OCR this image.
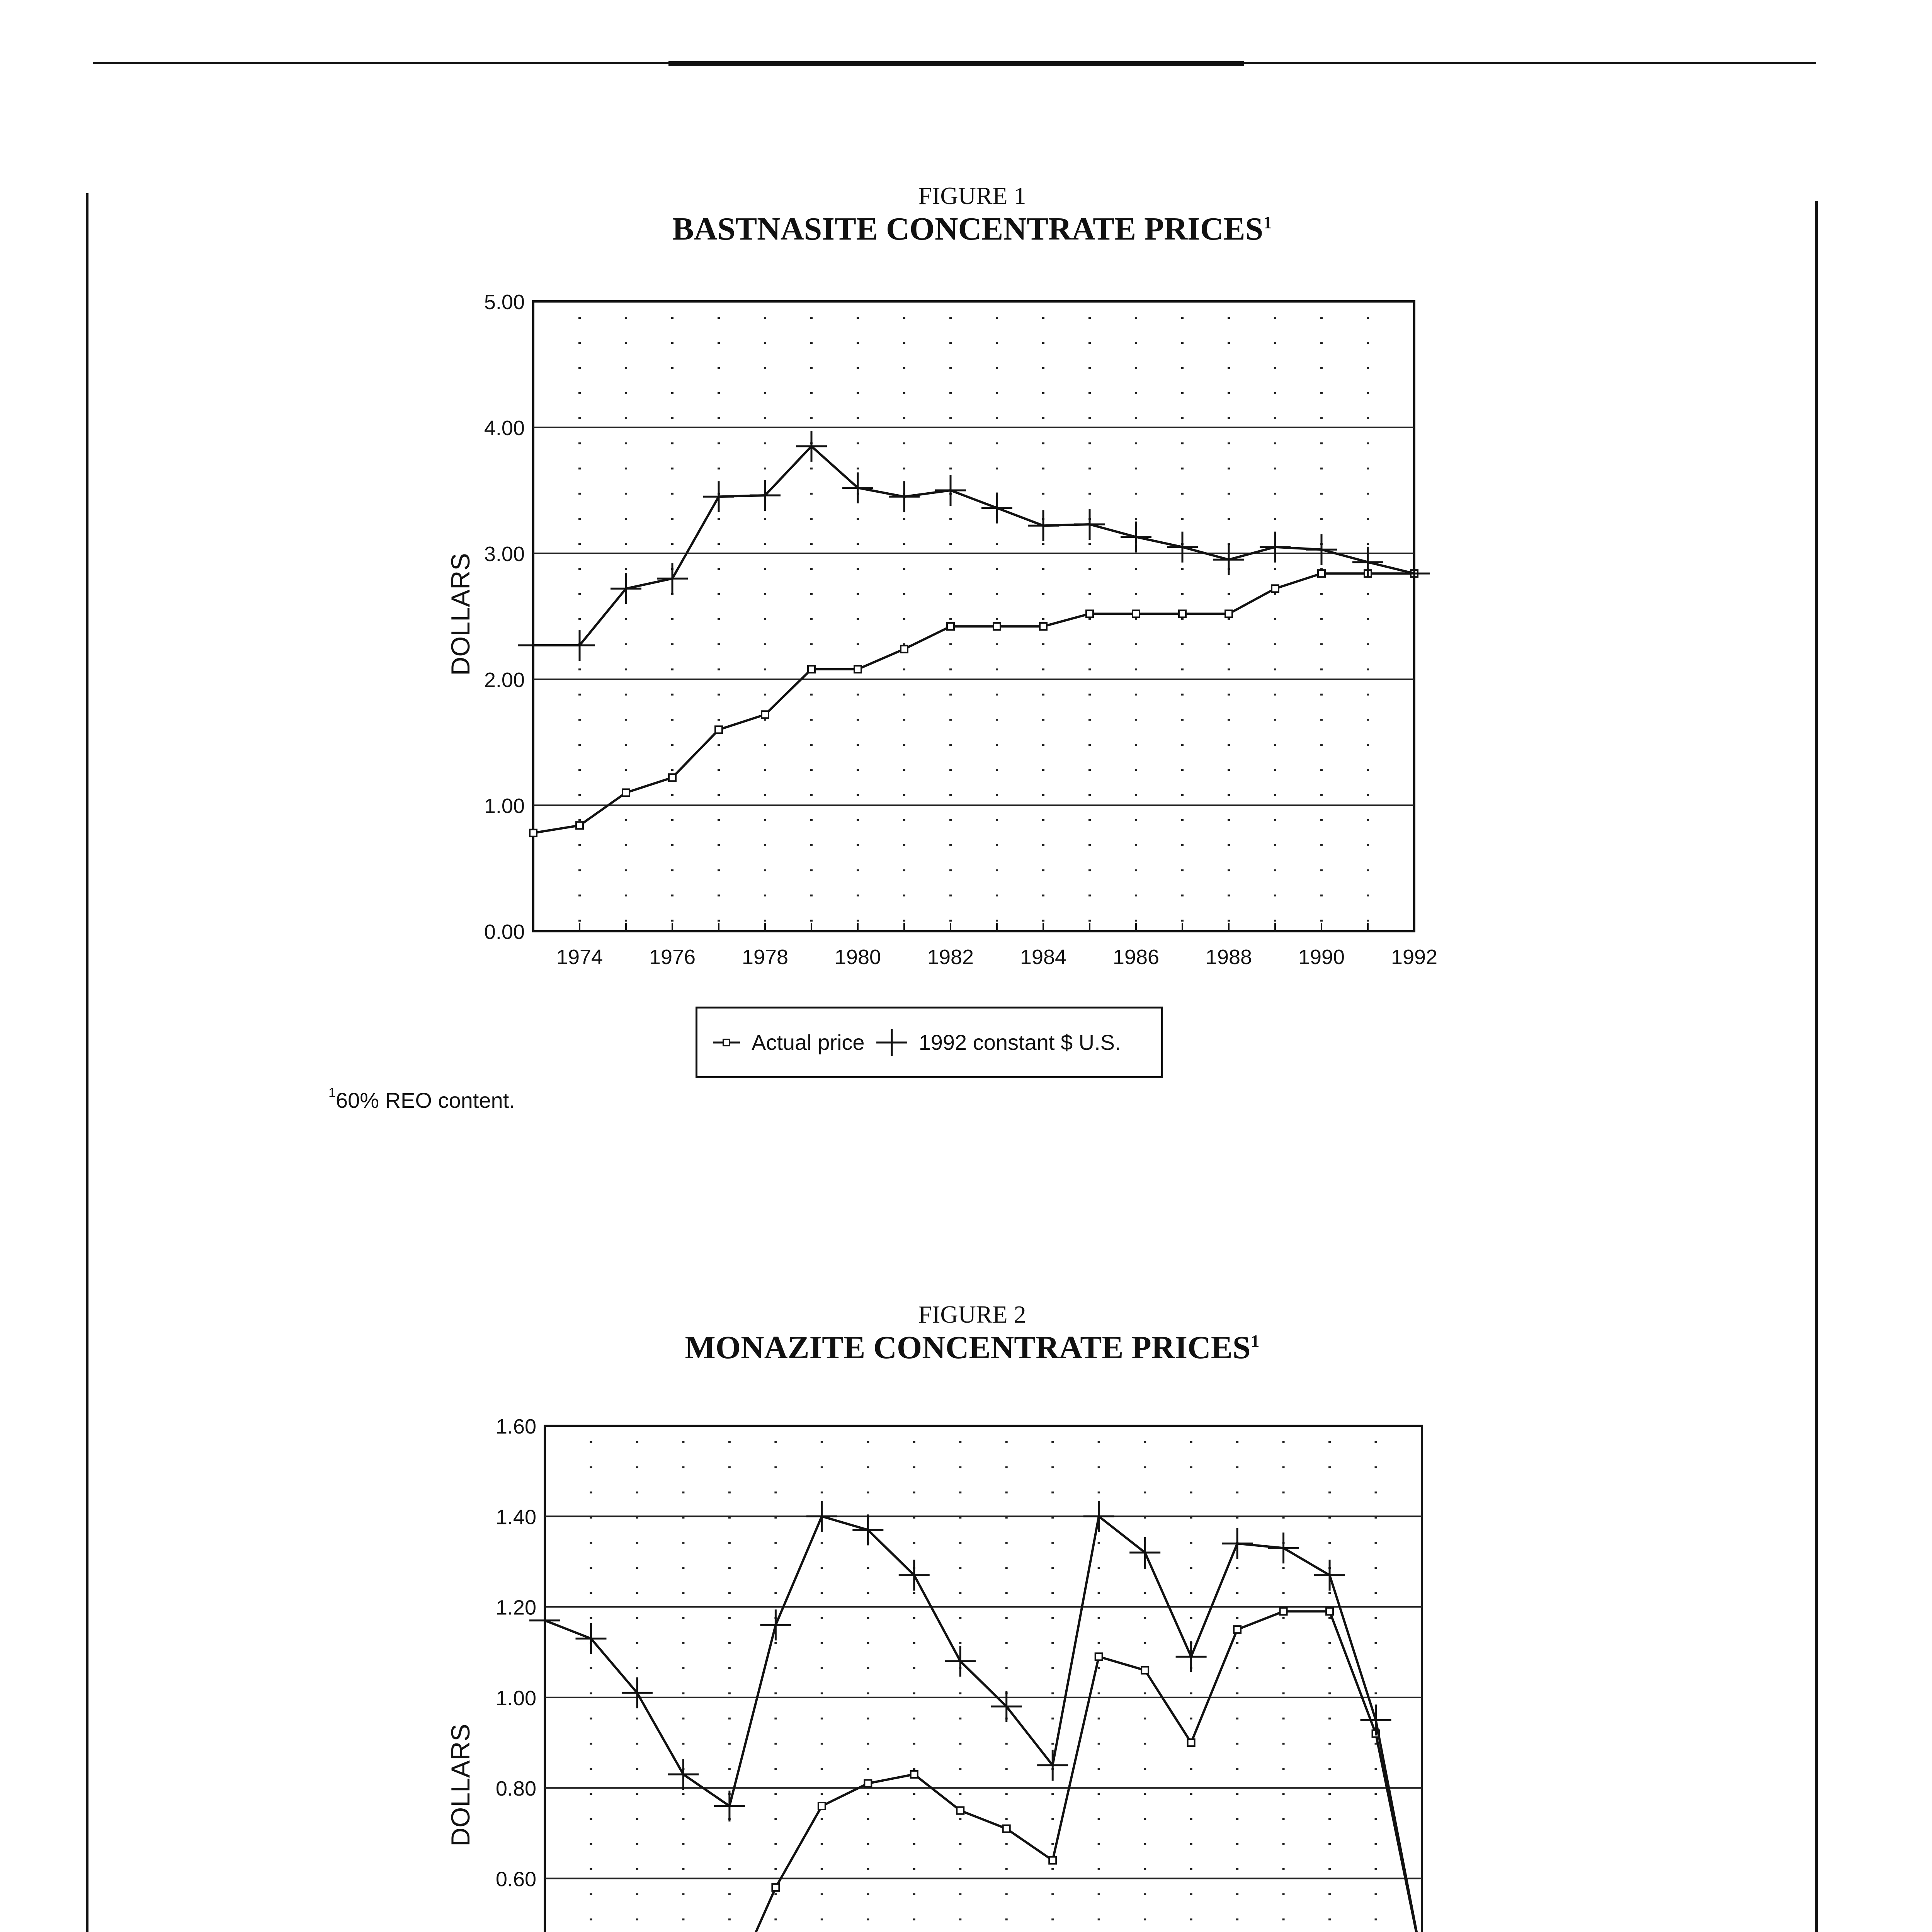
FIGURE 1
BASTNASITE CONCENTRATE PRICES$^1$
DOLLARS
0.00
1.00
2.00
3.00
4.00
5.00
1974 1976 1978 1980 1982 1984 1986 1988 1990 1992
Actual price	1992 constant $ U.S.
$^1$60% REO content.
FIGURE 2
MONAZITE CONCENTRATE PRICES$^1$
DOLLARS
0.60
0.80
1.00
1.20
1.40
1.60
